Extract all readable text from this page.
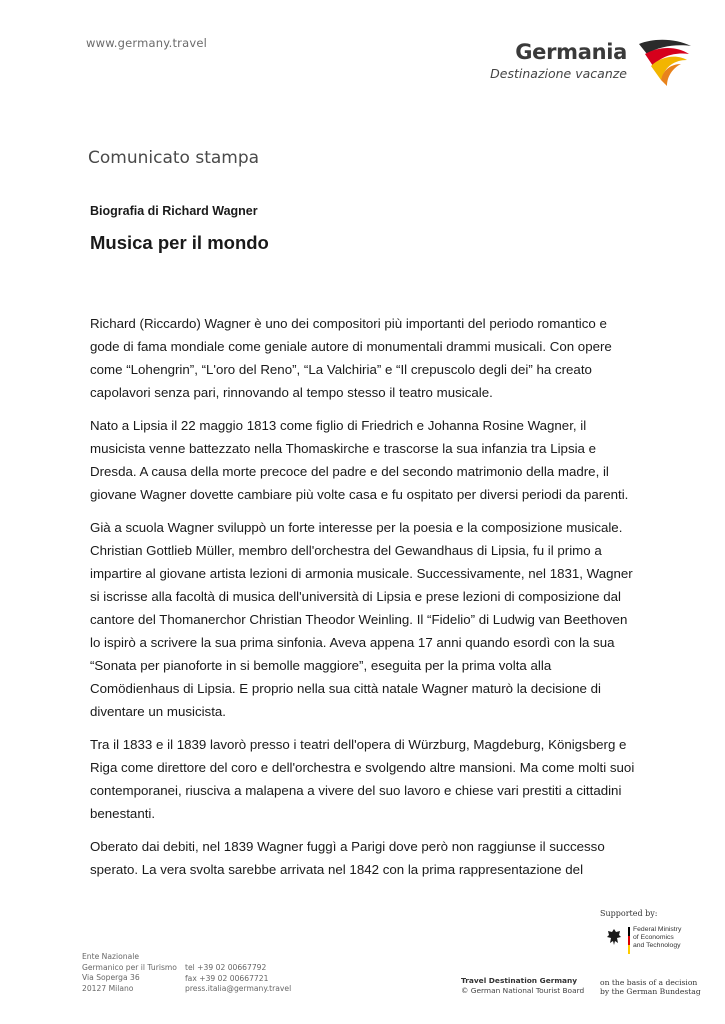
www.germany.travel	Germania
Destinazione vacanze
Comunicato stampa
Biografia di Richard Wagner
Musica per il mondo

Richard (Riccardo) Wagner è uno dei compositori più importanti del periodo romantico e gode di fama mondiale come geniale autore di monumentali drammi musicali. Con opere come “Lohengrin”, “L'oro del Reno”, “La Valchiria” e “Il crepuscolo degli dei” ha creato capolavori senza pari, rinnovando al tempo stesso il teatro musicale.

Nato a Lipsia il 22 maggio 1813 come figlio di Friedrich e Johanna Rosine Wagner, il musicista venne battezzato nella Thomaskirche e trascorse la sua infanzia tra Lipsia e Dresda. A causa della morte precoce del padre e del secondo matrimonio della madre, il giovane Wagner dovette cambiare più volte casa e fu ospitato per diversi periodi da parenti.

Già a scuola Wagner sviluppò un forte interesse per la poesia e la composizione musicale. Christian Gottlieb Müller, membro dell'orchestra del Gewandhaus di Lipsia, fu il primo a impartire al giovane artista lezioni di armonia musicale. Successivamente, nel 1831, Wagner si iscrisse alla facoltà di musica dell'università di Lipsia e prese lezioni di composizione dal cantore del Thomanerchor Christian Theodor Weinling. Il “Fidelio” di Ludwig van Beethoven lo ispirò a scrivere la sua prima sinfonia. Aveva appena 17 anni quando esordì con la sua “Sonata per pianoforte in si bemolle maggiore”, eseguita per la prima volta alla Comödienhaus di Lipsia. E proprio nella sua città natale Wagner maturò la decisione di diventare un musicista.

Tra il 1833 e il 1839 lavorò presso i teatri dell'opera di Würzburg, Magdeburg, Königsberg e Riga come direttore del coro e dell'orchestra e svolgendo altre mansioni. Ma come molti suoi contemporanei, riusciva a malapena a vivere del suo lavoro e chiese vari prestiti a cittadini benestanti.

Oberato dai debiti, nel 1839 Wagner fuggì a Parigi dove però non raggiunse il successo sperato. La vera svolta sarebbe arrivata nel 1842 con la prima rappresentazione del

Supported by:
Federal Ministry
of Economics
and Technology
Ente Nazionale
Germanico per il Turismo
Via Soperga 36
20127 Milano
tel +39 02 00667792
fax +39 02 00667721
press.italia@germany.travel
Travel Destination Germany
© German National Tourist Board
on the basis of a decision
by the German Bundestag
